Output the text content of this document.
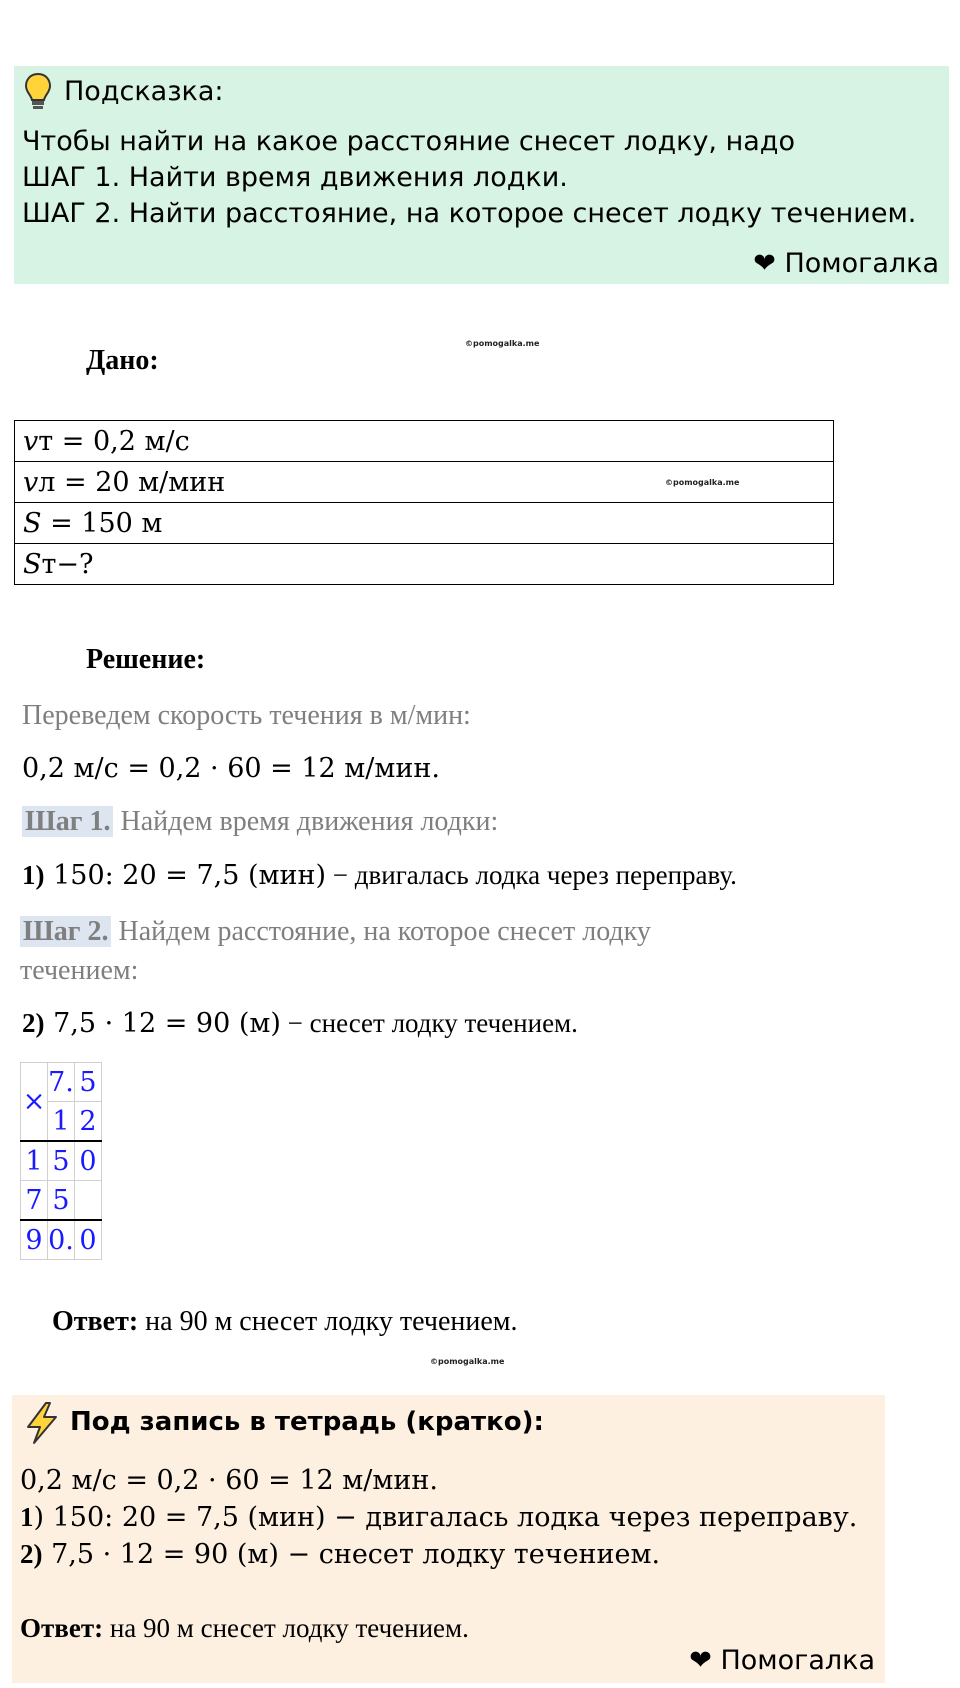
Подсказка:
Чтобы найти на какое расстояние снесет лодку, надо
ШАГ 1. Найти время движения лодки.
ШАГ 2. Найти расстояние, на которое снесет лодку течением.
❤ Помогалка
©pomogalka.me
Дано:
𝑣т = 0,2 м/с
𝑣л = 20 м/мин	©pomogalka.me

𝑆 = 150 м
𝑆т−?
Решение:
Переведем скорость течения в м/мин:
0,2 м/с = 0,2 · 60 = 12 м/мин.
Шаг 1. Найдем время движения лодки:
1) 150: 20 = 7,5 (мин) − двигалась лодка через переправу.
Шаг 2. Найдем расстояние, на которое снесет лодку
течением:
2) 7,5 · 12 = 90 (м) − снесет лодку течением.
×	7.	5
	1	2
1	5	0
7	5	
9	0.	0
Ответ: на 90 м снесет лодку течением.
©pomogalka.me
Под запись в тетрадь (кратко):
0,2 м/с = 0,2 · 60 = 12 м/мин.
1) 150: 20 = 7,5 (мин) − двигалась лодка через переправу.
2) 7,5 · 12 = 90 (м) − снесет лодку течением.
Ответ: на 90 м снесет лодку течением.
❤ Помогалка
